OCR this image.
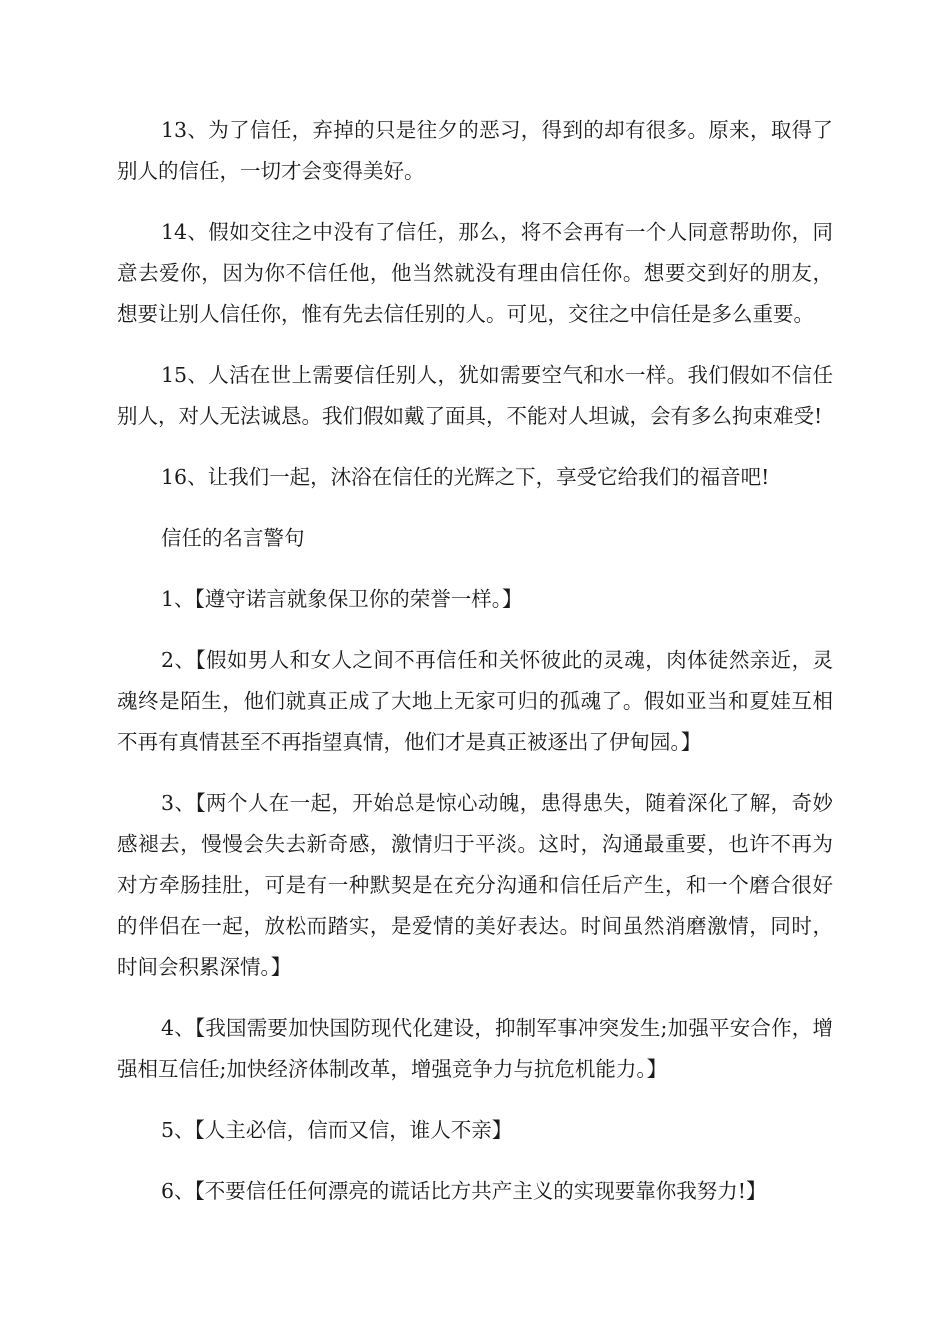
13、为了信任，弃掉的只是往夕的恶习，得到的却有很多。原来，取得了别人的信任，一切才会变得美好。

14、假如交往之中没有了信任，那么，将不会再有一个人同意帮助你，同意去爱你，因为你不信任他，他当然就没有理由信任你。想要交到好的朋友，想要让别人信任你，惟有先去信任别的人。可见，交往之中信任是多么重要。

15、人活在世上需要信任别人，犹如需要空气和水一样。我们假如不信任别人，对人无法诚恳。我们假如戴了面具，不能对人坦诚，会有多么拘束难受!

16、让我们一起，沐浴在信任的光辉之下，享受它给我们的福音吧!

信任的名言警句

1、【遵守诺言就象保卫你的荣誉一样。】

2、【假如男人和女人之间不再信任和关怀彼此的灵魂，肉体徒然亲近，灵魂终是陌生，他们就真正成了大地上无家可归的孤魂了。假如亚当和夏娃互相不再有真情甚至不再指望真情，他们才是真正被逐出了伊甸园。】

3、【两个人在一起，开始总是惊心动魄，患得患失，随着深化了解，奇妙感褪去，慢慢会失去新奇感，激情归于平淡。这时，沟通最重要，也许不再为对方牵肠挂肚，可是有一种默契是在充分沟通和信任后产生，和一个磨合很好的伴侣在一起，放松而踏实，是爱情的美好表达。时间虽然消磨激情，同时，时间会积累深情。】

4、【我国需要加快国防现代化建设，抑制军事冲突发生;加强平安合作，增强相互信任;加快经济体制改革，增强竞争力与抗危机能力。】

5、【人主必信，信而又信，谁人不亲】

6、【不要信任任何漂亮的谎话比方共产主义的实现要靠你我努力!】
